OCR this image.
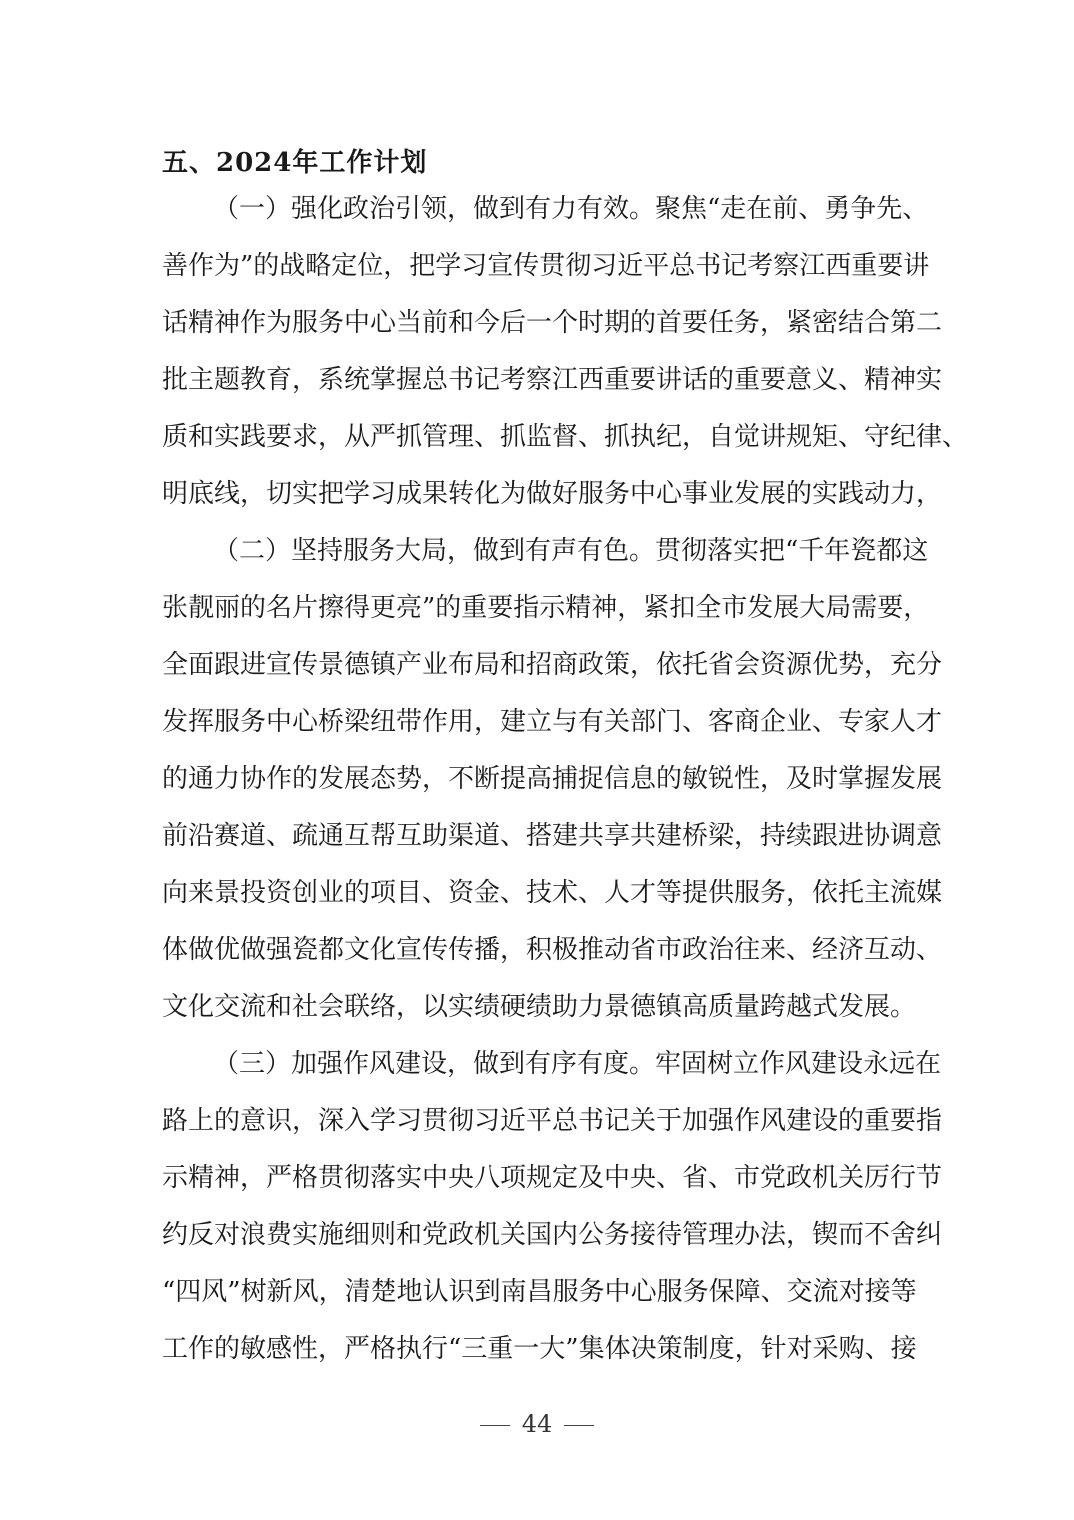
五、2024年工作计划
（一）强化政治引领，做到有力有效。聚焦“走在前、勇争先、
善作为”的战略定位，把学习宣传贯彻习近平总书记考察江西重要讲
话精神作为服务中心当前和今后一个时期的首要任务，紧密结合第二
批主题教育，系统掌握总书记考察江西重要讲话的重要意义、精神实
质和实践要求，从严抓管理、抓监督、抓执纪，自觉讲规矩、守纪律、
明底线，切实把学习成果转化为做好服务中心事业发展的实践动力，
（二）坚持服务大局，做到有声有色。贯彻落实把“千年瓷都这
张靓丽的名片擦得更亮”的重要指示精神，紧扣全市发展大局需要，
全面跟进宣传景德镇产业布局和招商政策，依托省会资源优势，充分
发挥服务中心桥梁纽带作用，建立与有关部门、客商企业、专家人才
的通力协作的发展态势，不断提高捕捉信息的敏锐性，及时掌握发展
前沿赛道、疏通互帮互助渠道、搭建共享共建桥梁，持续跟进协调意
向来景投资创业的项目、资金、技术、人才等提供服务，依托主流媒
体做优做强瓷都文化宣传传播，积极推动省市政治往来、经济互动、
文化交流和社会联络，以实绩硬绩助力景德镇高质量跨越式发展。
（三）加强作风建设，做到有序有度。牢固树立作风建设永远在
路上的意识，深入学习贯彻习近平总书记关于加强作风建设的重要指
示精神，严格贯彻落实中央八项规定及中央、省、市党政机关厉行节
约反对浪费实施细则和党政机关国内公务接待管理办法，锲而不舍纠
“四风”树新风，清楚地认识到南昌服务中心服务保障、交流对接等
工作的敏感性，严格执行“三重一大”集体决策制度，针对采购、接
44
